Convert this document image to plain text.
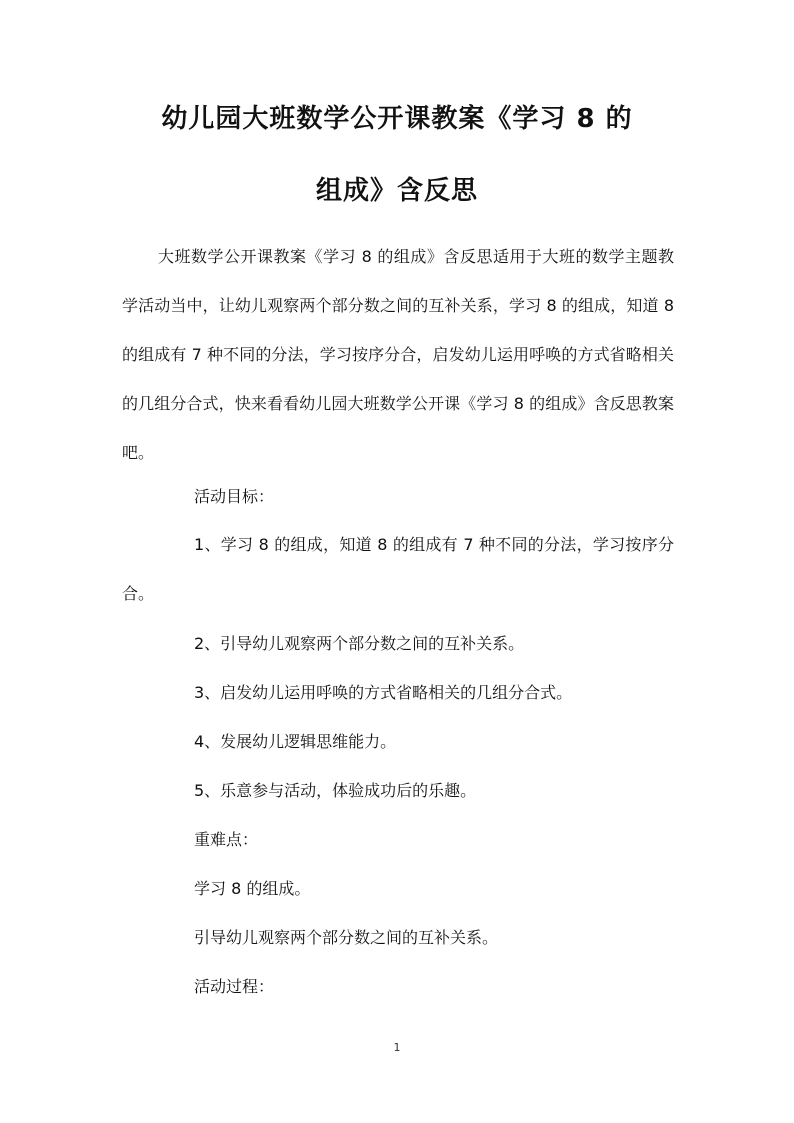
幼儿园大班数学公开课教案《学习 8 的
组成》含反思

大班数学公开课教案《学习 8 的组成》含反思适用于大班的数学主题教学活动当中，让幼儿观察两个部分数之间的互补关系，学习 8 的组成，知道 8 的组成有 7 种不同的分法，学习按序分合，启发幼儿运用呼唤的方式省略相关的几组分合式，快来看看幼儿园大班数学公开课《学习 8 的组成》含反思教案吧。

活动目标：

1、学习 8 的组成，知道 8 的组成有 7 种不同的分法，学习按序分合。

2、引导幼儿观察两个部分数之间的互补关系。
3、启发幼儿运用呼唤的方式省略相关的几组分合式。
4、发展幼儿逻辑思维能力。
5、乐意参与活动，体验成功后的乐趣。
重难点：
学习 8 的组成。
引导幼儿观察两个部分数之间的互补关系。
活动过程：
1
